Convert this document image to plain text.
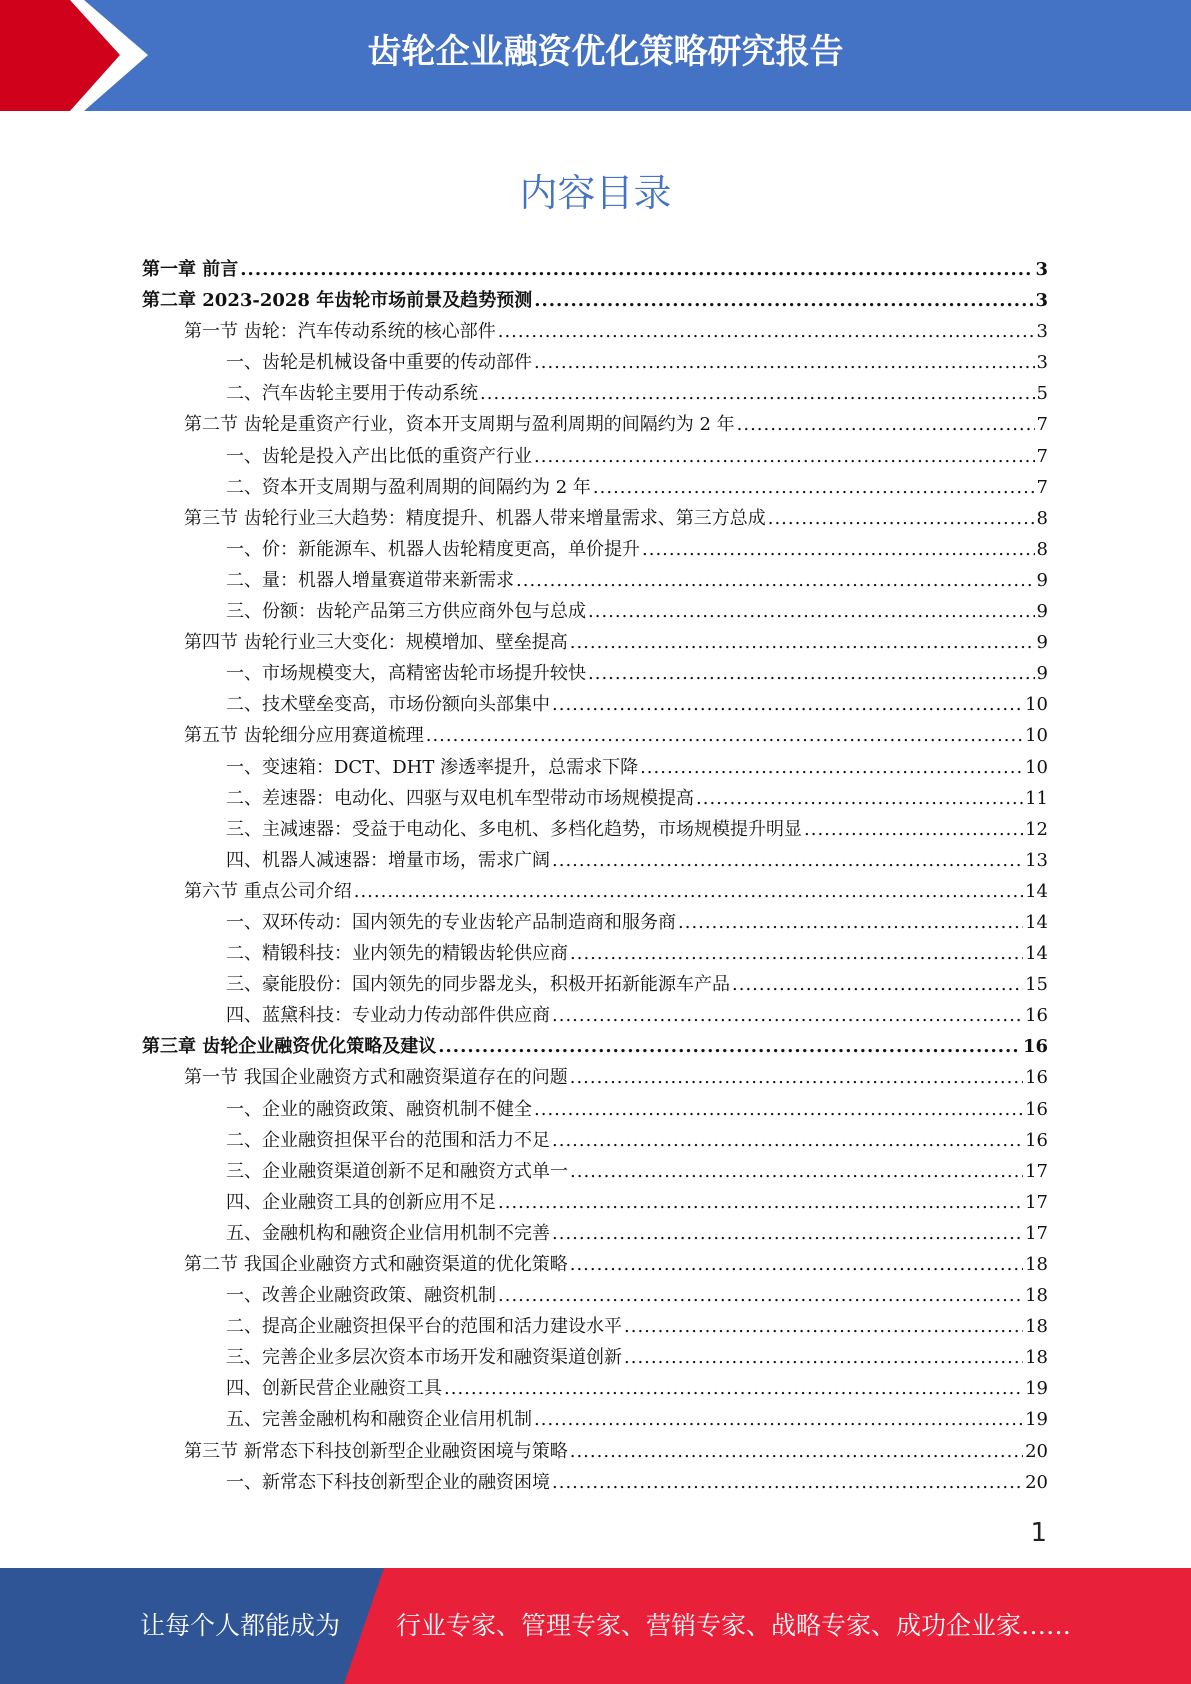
齿轮企业融资优化策略研究报告
内容目录
第一章 前言 .....	3
第二章 2023-2028 年齿轮市场前景及趋势预测 .....	3
第一节 齿轮：汽车传动系统的核心部件 .....	3
一、齿轮是机械设备中重要的传动部件 .....	3
二、汽车齿轮主要用于传动系统 .....	5
第二节 齿轮是重资产行业，资本开支周期与盈利周期的间隔约为 2 年 .....	7
一、齿轮是投入产出比低的重资产行业 .....	7
二、资本开支周期与盈利周期的间隔约为 2 年 .....	7
第三节 齿轮行业三大趋势：精度提升、机器人带来增量需求、第三方总成 .....	8
一、价：新能源车、机器人齿轮精度更高，单价提升 .....	8
二、量：机器人增量赛道带来新需求 .....	9
三、份额：齿轮产品第三方供应商外包与总成 .....	9
第四节 齿轮行业三大变化：规模增加、壁垒提高 .....	9
一、市场规模变大，高精密齿轮市场提升较快 .....	9
二、技术壁垒变高，市场份额向头部集中 .....	10
第五节 齿轮细分应用赛道梳理 .....	10
一、变速箱：DCT、DHT 渗透率提升，总需求下降 .....	10
二、差速器：电动化、四驱与双电机车型带动市场规模提高 .....	11
三、主减速器：受益于电动化、多电机、多档化趋势，市场规模提升明显 .....	12
四、机器人减速器：增量市场，需求广阔 .....	13
第六节 重点公司介绍 .....	14
一、双环传动：国内领先的专业齿轮产品制造商和服务商 .....	14
二、精锻科技：业内领先的精锻齿轮供应商 .....	14
三、豪能股份：国内领先的同步器龙头，积极开拓新能源车产品 .....	15
四、蓝黛科技：专业动力传动部件供应商 .....	16
第三章 齿轮企业融资优化策略及建议 .....	16
第一节 我国企业融资方式和融资渠道存在的问题 .....	16
一、企业的融资政策、融资机制不健全 .....	16
二、企业融资担保平台的范围和活力不足 .....	16
三、企业融资渠道创新不足和融资方式单一 .....	17
四、企业融资工具的创新应用不足 .....	17
五、金融机构和融资企业信用机制不完善 .....	17
第二节 我国企业融资方式和融资渠道的优化策略 .....	18
一、改善企业融资政策、融资机制 .....	18
二、提高企业融资担保平台的范围和活力建设水平 .....	18
三、完善企业多层次资本市场开发和融资渠道创新 .....	18
四、创新民营企业融资工具 .....	19
五、完善金融机构和融资企业信用机制 .....	19
第三节 新常态下科技创新型企业融资困境与策略 .....	20
一、新常态下科技创新型企业的融资困境 .....	20
1
让每个人都能成为 行业专家、管理专家、营销专家、战略专家、成功企业家……
